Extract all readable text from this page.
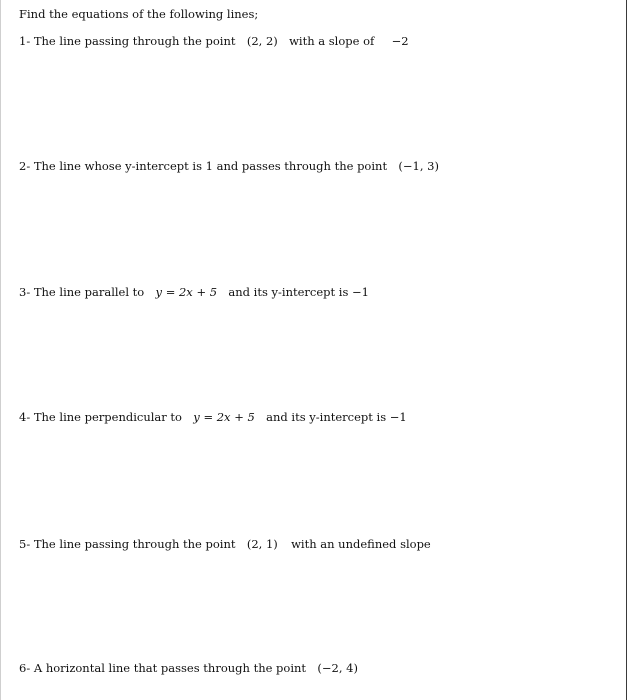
Find the equations of the following lines;
1- The line passing through the point (2, 2) with a slope of −2
2- The line whose y-intercept is 1 and passes through the point (−1, 3)
3- The line parallel to y = 2x + 5 and its y-intercept is −1
4- The line perpendicular to y = 2x + 5 and its y-intercept is −1
5- The line passing through the point (2, 1) with an undefined slope
6- A horizontal line that passes through the point (−2, 4)
